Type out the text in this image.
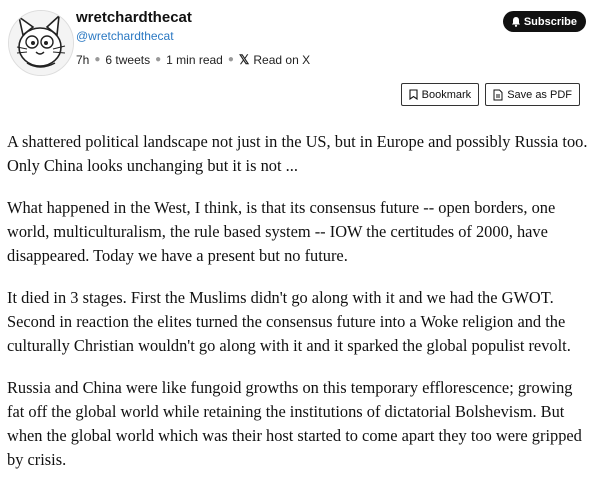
wretchardthecat
@wretchardthecat
7h ● 6 tweets ● 1 min read ● 𝕏 Read on X
Subscribe
Bookmark	Save as PDF

A shattered political landscape not just in the US, but in Europe and possibly Russia too. Only China looks unchanging but it is not ...

What happened in the West, I think, is that its consensus future -- open borders, one world, multiculturalism, the rule based system -- IOW the certitudes of 2000, have disappeared. Today we have a present but no future.

It died in 3 stages. First the Muslims didn't go along with it and we had the GWOT. Second in reaction the elites turned the consensus future into a Woke religion and the culturally Christian wouldn't go along with it and it sparked the global populist revolt.

Russia and China were like fungoid growths on this temporary efflorescence; growing fat off the global world while retaining the institutions of dictatorial Bolshevism. But when the global world which was their host started to come apart they too were gripped by crisis.
